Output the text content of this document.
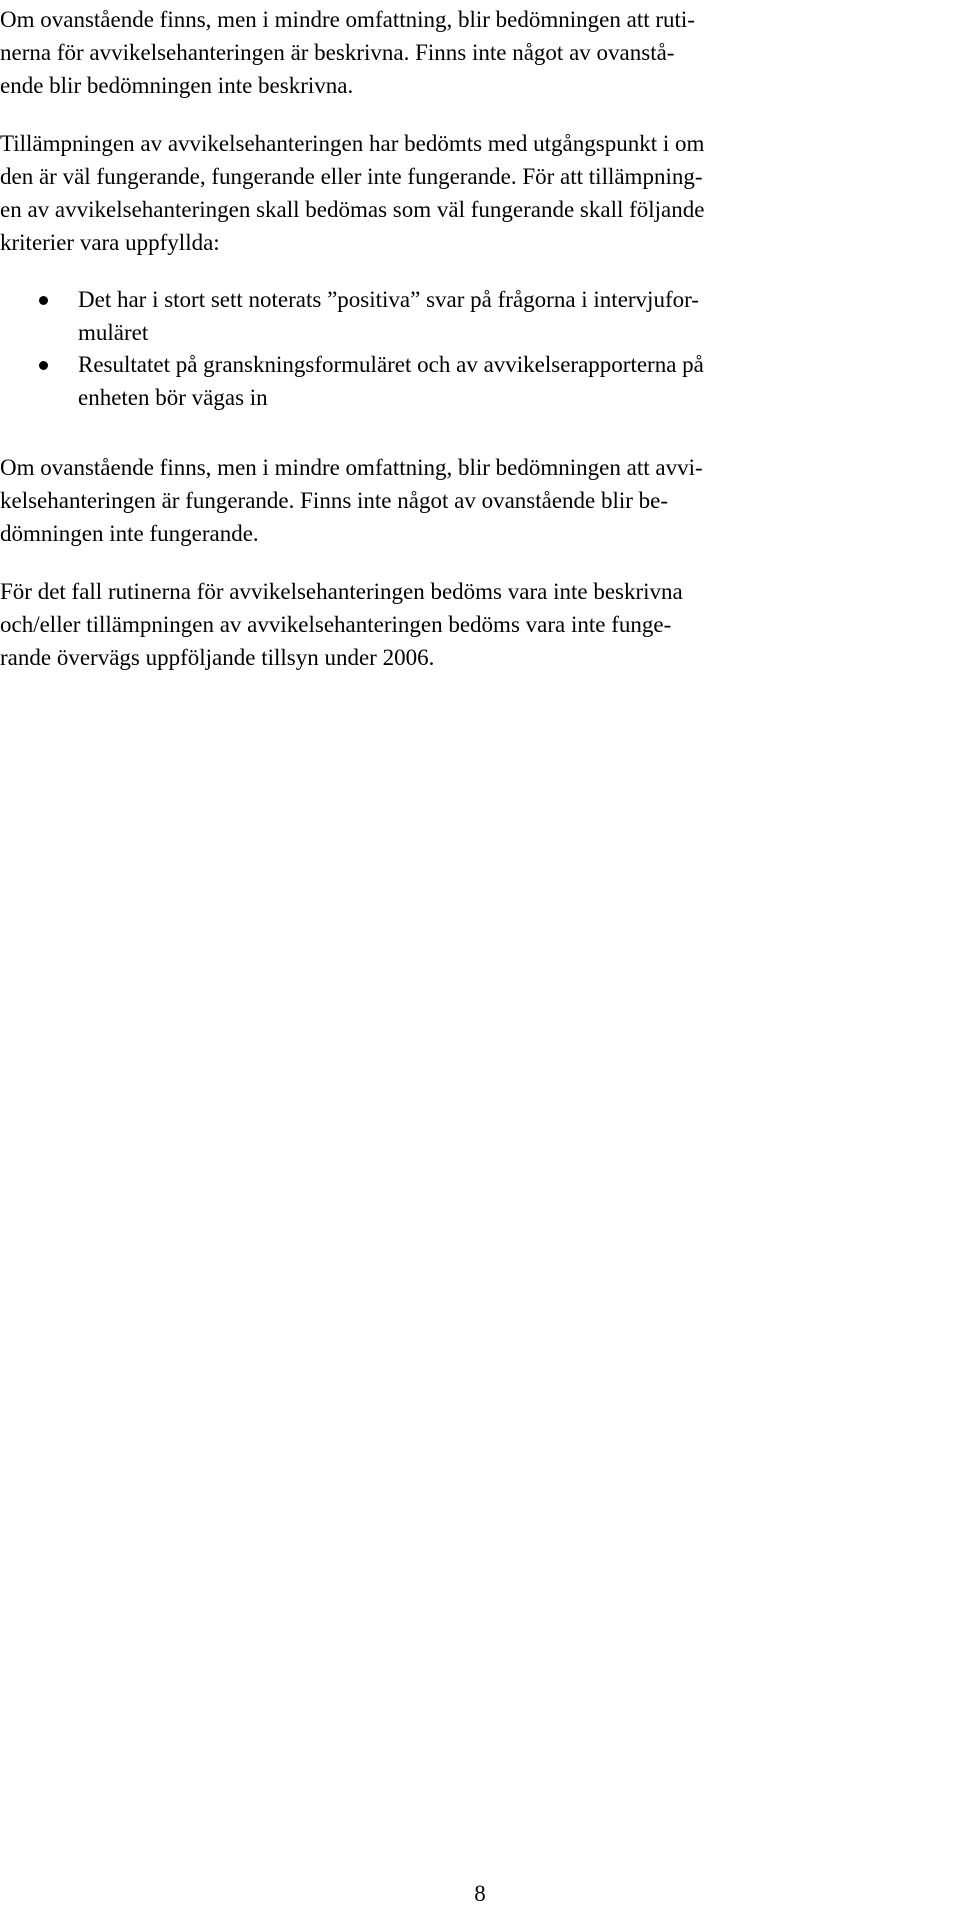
Om ovanstående finns, men i mindre omfattning, blir bedömningen att ruti-

nerna för avvikelsehanteringen är beskrivna. Finns inte något av ovanstå-

ende blir bedömningen inte beskrivna.

Tillämpningen av avvikelsehanteringen har bedömts med utgångspunkt i om

den är väl fungerande, fungerande eller inte fungerande. För att tillämpning-

en av avvikelsehanteringen skall bedömas som väl fungerande skall följande

kriterier vara uppfyllda:

Det har i stort sett noterats ”positiva” svar på frågorna i intervjufor-

muläret

Resultatet på granskningsformuläret och av avvikelserapporterna på

enheten bör vägas in

Om ovanstående finns, men i mindre omfattning, blir bedömningen att avvi-

kelsehanteringen är fungerande. Finns inte något av ovanstående blir be-

dömningen inte fungerande.

För det fall rutinerna för avvikelsehanteringen bedöms vara inte beskrivna

och/eller tillämpningen av avvikelsehanteringen bedöms vara inte funge-

rande övervägs uppföljande tillsyn under 2006.

8
